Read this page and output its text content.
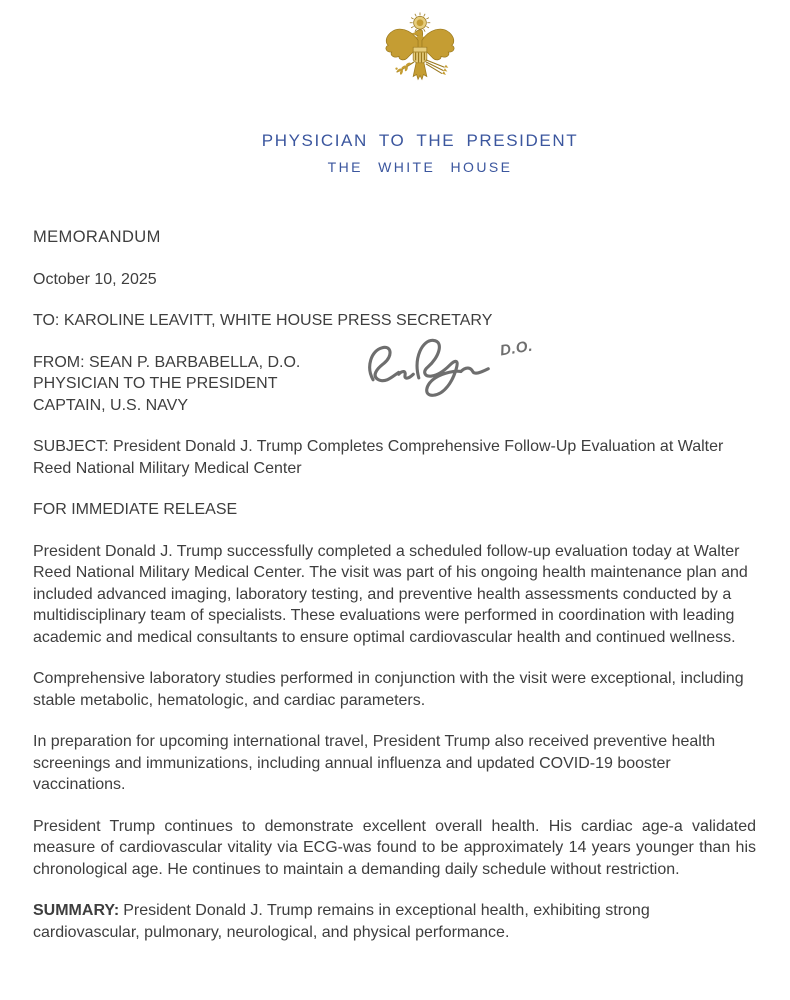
PHYSICIAN TO THE PRESIDENT
THE WHITE HOUSE

MEMORANDUM

October 10, 2025

TO: KAROLINE LEAVITT, WHITE HOUSE PRESS SECRETARY

FROM: SEAN P. BARBABELLA, D.O.

PHYSICIAN TO THE PRESIDENT

CAPTAIN, U.S. NAVY

D.O.

SUBJECT: President Donald J. Trump Completes Comprehensive Follow-Up Evaluation at Walter Reed National Military Medical Center

FOR IMMEDIATE RELEASE

President Donald J. Trump successfully completed a scheduled follow-up evaluation today at Walter Reed National Military Medical Center. The visit was part of his ongoing health maintenance plan and included advanced imaging, laboratory testing, and preventive health assessments conducted by a multidisciplinary team of specialists. These evaluations were performed in coordination with leading academic and medical consultants to ensure optimal cardiovascular health and continued wellness.

Comprehensive laboratory studies performed in conjunction with the visit were exceptional, including stable metabolic, hematologic, and cardiac parameters.

In preparation for upcoming international travel, President Trump also received preventive health screenings and immunizations, including annual influenza and updated COVID-19 booster vaccinations.

President Trump continues to demonstrate excellent overall health. His cardiac age-a validated measure of cardiovascular vitality via ECG-was found to be approximately 14 years younger than his chronological age. He continues to maintain a demanding daily schedule without restriction.

SUMMARY: President Donald J. Trump remains in exceptional health, exhibiting strong cardiovascular, pulmonary, neurological, and physical performance.
